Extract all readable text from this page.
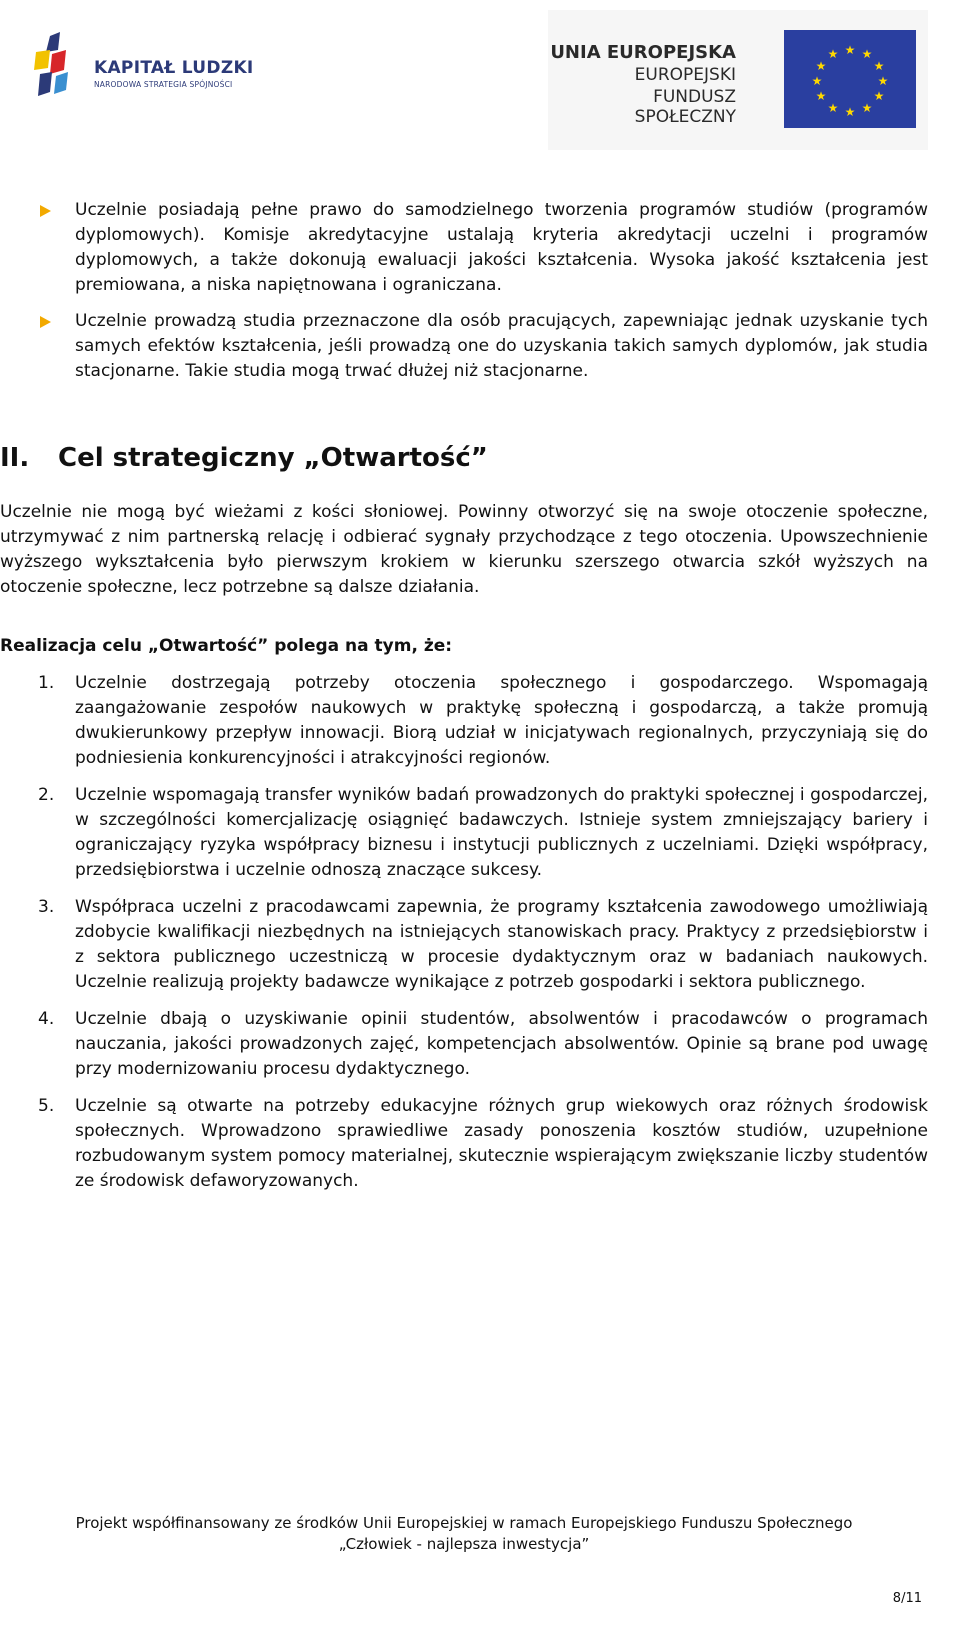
KAPITAŁ LUDZKI
NARODOWA STRATEGIA SPÓJNOŚCI
UNIA EUROPEJSKA
EUROPEJSKI
FUNDUSZ SPOŁECZNY
★ ★
★
★
★
★
★
★
★
★
★
★

Uczelnie posiadają pełne prawo do samodzielnego tworzenia programów studiów (programów dyplomowych). Komisje akredytacyjne ustalają kryteria akredytacji uczelni i programów dyplomowych, a także dokonują ewaluacji jakości kształcenia. Wysoka jakość kształcenia jest premiowana, a niska napiętnowana i ograniczana.

Uczelnie prowadzą studia przeznaczone dla osób pracujących, zapewniając jednak uzyskanie tych samych efektów kształcenia, jeśli prowadzą one do uzyskania takich samych dyplomów, jak studia stacjonarne. Takie studia mogą trwać dłużej niż stacjonarne.

II.	Cel strategiczny „Otwartość”

Uczelnie nie mogą być wieżami z kości słoniowej. Powinny otworzyć się na swoje otoczenie społeczne, utrzymywać z nim partnerską relację i odbierać sygnały przychodzące z tego otoczenia. Upowszechnienie wyższego wykształcenia było pierwszym krokiem w kierunku szerszego otwarcia szkół wyższych na otoczenie społeczne, lecz potrzebne są dalsze działania.

Realizacja celu „Otwartość” polega na tym, że:

1. Uczelnie dostrzegają potrzeby otoczenia społecznego i gospodarczego. Wspomagają zaangażowanie zespołów naukowych w praktykę społeczną i gospodarczą, a także promują dwukierunkowy przepływ innowacji. Biorą udział w inicjatywach regionalnych, przyczyniają się do podniesienia konkurencyjności i atrakcyjności regionów.

2. Uczelnie wspomagają transfer wyników badań prowadzonych do praktyki społecznej i gospodarczej, w szczególności komercjalizację osiągnięć badawczych. Istnieje system zmniejszający bariery i ograniczający ryzyka współpracy biznesu i instytucji publicznych z uczelniami. Dzięki współpracy, przedsiębiorstwa i uczelnie odnoszą znaczące sukcesy.

3. Współpraca uczelni z pracodawcami zapewnia, że programy kształcenia zawodowego umożliwiają zdobycie kwalifikacji niezbędnych na istniejących stanowiskach pracy. Praktycy z przedsiębiorstw i z sektora publicznego uczestniczą w procesie dydaktycznym oraz w badaniach naukowych. Uczelnie realizują projekty badawcze wynikające z potrzeb gospodarki i sektora publicznego.

4. Uczelnie dbają o uzyskiwanie opinii studentów, absolwentów i pracodawców o programach nauczania, jakości prowadzonych zajęć, kompetencjach absolwentów. Opinie są brane pod uwagę przy modernizowaniu procesu dydaktycznego.

5. Uczelnie są otwarte na potrzeby edukacyjne różnych grup wiekowych oraz różnych środowisk społecznych. Wprowadzono sprawiedliwe zasady ponoszenia kosztów studiów, uzupełnione rozbudowanym system pomocy materialnej, skutecznie wspierającym zwiększanie liczby studentów ze środowisk defaworyzowanych.

Projekt współfinansowany ze środków Unii Europejskiej w ramach Europejskiego Funduszu Społecznego
„Człowiek - najlepsza inwestycja”
8/11
